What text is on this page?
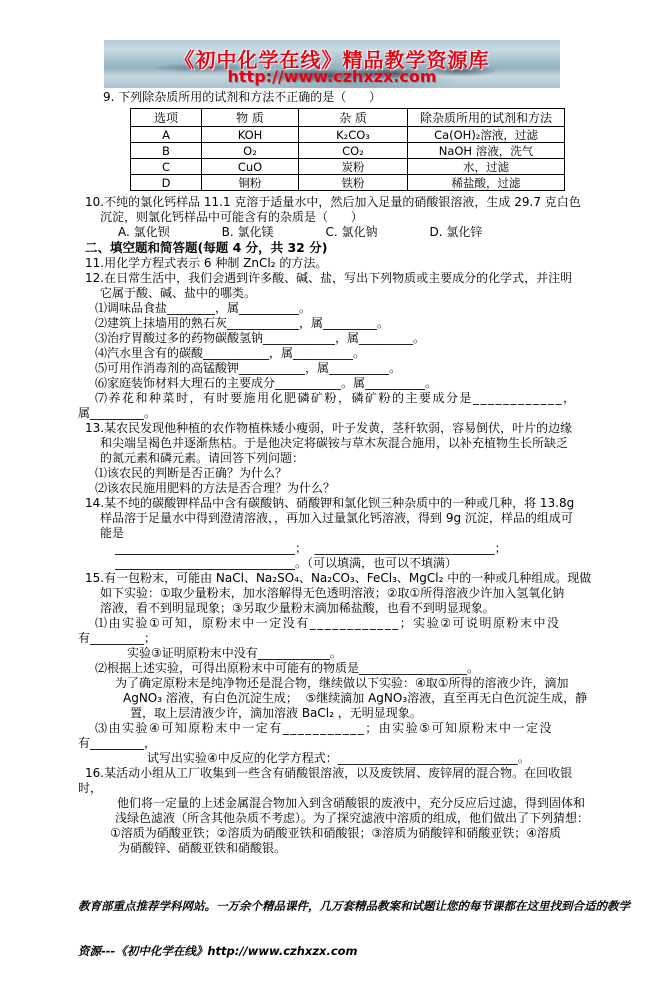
《初中化学在线》精品教学资源库
http://www.czhxzx.com
9. 下列除杂质所用的试剂和方法不正确的是（      ）
选项	物 质	杂 质	除杂质所用的试剂和方法
A	KOH	K₂CO₃	Ca(OH)₂溶液，过滤
B	O₂	CO₂	NaOH 溶液，洗气
C	CuO	炭粉	水，过滤
D	铜粉	铁粉	稀盐酸，过滤
10.不纯的氯化钙样品 11.1 克溶于适量水中，然后加入足量的硝酸银溶液，生成 29.7 克白色
沉淀，则氯化钙样品中可能含有的杂质是（      ）
A. 氯化钡	B. 氯化镁	C. 氯化钠	D. 氯化锌
二、填空题和简答题(每题 4 分，共 32 分)
11.用化学方程式表示 6 种制 ZnCl₂ 的方法。
12.在日常生活中，我们会遇到许多酸、碱、盐，写出下列物质或主要成分的化学式，并注明
它属于酸、碱、盐中的哪类。
⑴调味品食盐________，属__________。
⑵建筑上抹墙用的熟石灰____________，属_________。
⑶治疗胃酸过多的药物碳酸氢钠____________，属_________。
⑷汽水里含有的碳酸___________，属__________。
⑸可用作消毒剂的高锰酸钾___________，属__________。
⑹家庭装饰材料大理石的主要成分___________。属__________。
⑺养花和种菜时，有时要施用化肥磷矿粉，磷矿粉的主要成分是____________，
属_________。
13.某农民发现他种植的农作物植株矮小瘦弱，叶子发黄，茎秆软弱，容易倒伏，叶片的边缘
和尖端呈褐色并逐渐焦枯。于是他决定将碳铵与草木灰混合施用，以补充植物生长所缺乏
的氮元素和磷元素。请回答下列问题：
⑴该农民的判断是否正确？为什么？
⑵该农民施用肥料的方法是否合理？为什么？
14.某不纯的碳酸钾样品中含有碳酸钠、硝酸钾和氯化钡三种杂质中的一种或几种，将 13.8g
样品溶于足量水中得到澄清溶液，，再加入过量氯化钙溶液，得到 9g 沉淀，样品的组成可
能是
______________________________；  ______________________________；
______________________________。（可以填满，也可以不填满）
15.有一包粉末，可能由 NaCl、Na₂SO₄、Na₂CO₃、FeCl₃、MgCl₂ 中的一种或几种组成。现做
如下实验：①取少量粉末，加水溶解得无色透明溶液；②取①所得溶液少许加入氢氧化钠
溶液，看不到明显现象；③另取少量粉末滴加稀盐酸，也看不到明显现象。
⑴由实验①可知，原粉末中一定没有____________；实验②可说明原粉末中没
有_________；
实验③证明原粉末中没有____________。
⑵根据上述实验，可得出原粉末中可能有的物质是__________________。
为了确定原粉末是纯净物还是混合物，继续做以下实验：④取①所得的溶液少许，滴加
AgNO₃ 溶液，有白色沉淀生成；  ⑤继续滴加 AgNO₃溶液，直至再无白色沉淀生成，静
置，取上层清液少许，滴加溶液 BaCl₂ ，无明显现象。
⑶由实验④可知原粉末中一定有___________；由实验⑤可知原粉末中一定没
有_________，
试写出实验④中反应的化学方程式：______________________________。
16.某活动小组从工厂收集到一些含有硝酸银溶液，以及废铁屑、废锌屑的混合物。在回收银
时，
他们将一定量的上述金属混合物加入到含硝酸银的废液中，充分反应后过滤，得到固体和
浅绿色滤液（所含其他杂质不考虑）。为了探究滤液中溶质的组成，他们做出了下列猜想：
①溶质为硝酸亚铁；②溶质为硝酸亚铁和硝酸银；③溶质为硝酸锌和硝酸亚铁；④溶质
为硝酸锌、硝酸亚铁和硝酸银。

教育部重点推荐学科网站。一万余个精品课件，几万套精品教案和试题让您的每节课都在这里找到合适的教学

资源---《初中化学在线》http://www.czhxzx.com
